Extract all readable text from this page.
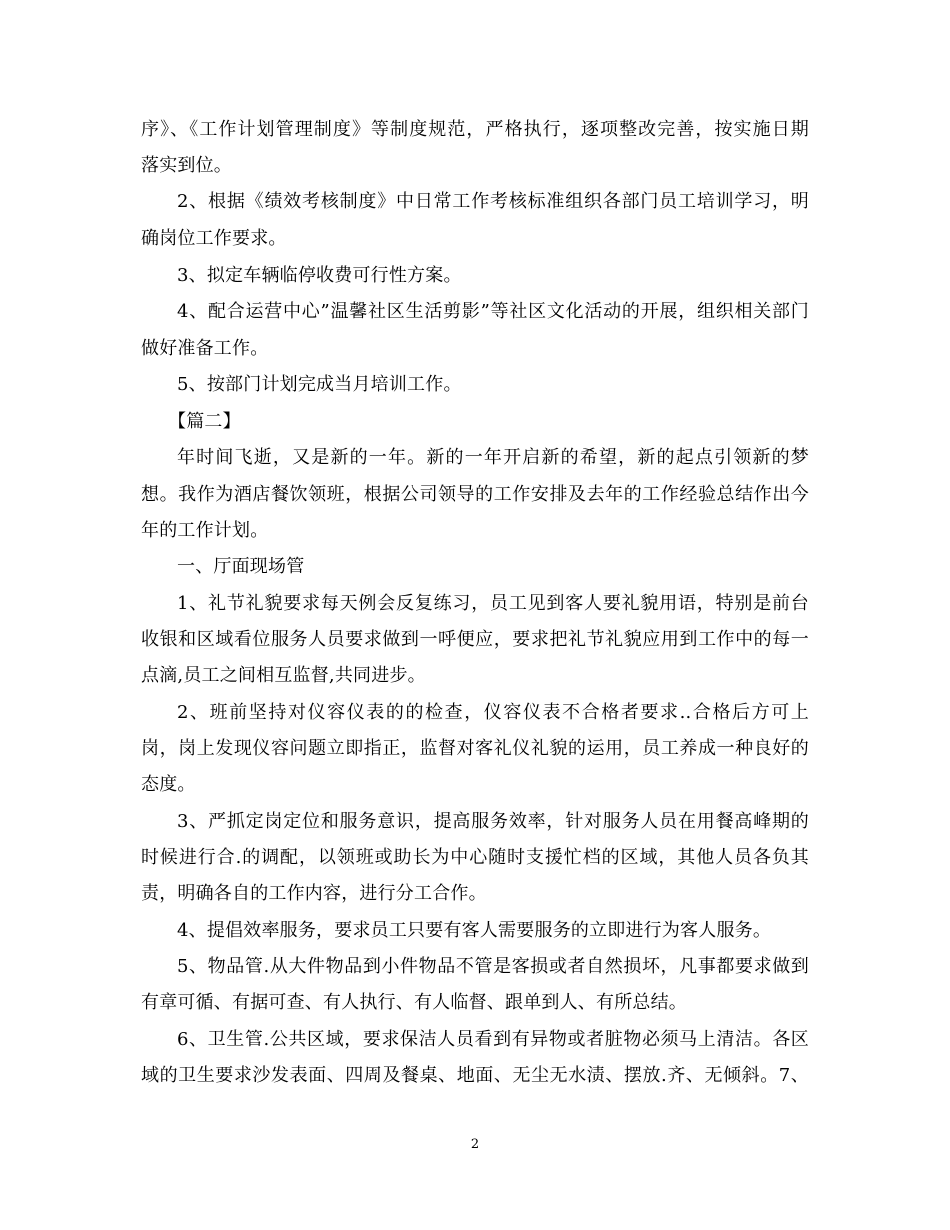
序》、《工作计划管理制度》等制度规范，严格执行，逐项整改完善，按实施日期
落实到位。
2、根据《绩效考核制度》中日常工作考核标准组织各部门员工培训学习，明
确岗位工作要求。
3、拟定车辆临停收费可行性方案。
4、配合运营中心”温馨社区生活剪影”等社区文化活动的开展，组织相关部门
做好准备工作。
5、按部门计划完成当月培训工作。
【篇二】
年时间飞逝，又是新的一年。新的一年开启新的希望，新的起点引领新的梦
想。我作为酒店餐饮领班，根据公司领导的工作安排及去年的工作经验总结作出今
年的工作计划。
一、厅面现场管
1、礼节礼貌要求每天例会反复练习，员工见到客人要礼貌用语，特别是前台
收银和区域看位服务人员要求做到一呼便应，要求把礼节礼貌应用到工作中的每一
点滴,员工之间相互监督,共同进步。
2、班前坚持对仪容仪表的的检查，仪容仪表不合格者要求..合格后方可上
岗，岗上发现仪容问题立即指正，监督对客礼仪礼貌的运用，员工养成一种良好的
态度。
3、严抓定岗定位和服务意识，提高服务效率，针对服务人员在用餐高峰期的
时候进行合.的调配，以领班或助长为中心随时支援忙档的区域，其他人员各负其
责，明确各自的工作内容，进行分工合作。
4、提倡效率服务，要求员工只要有客人需要服务的立即进行为客人服务。
5、物品管.从大件物品到小件物品不管是客损或者自然损坏，凡事都要求做到
有章可循、有据可查、有人执行、有人临督、跟单到人、有所总结。
6、卫生管.公共区域，要求保洁人员看到有异物或者脏物必须马上清洁。各区
域的卫生要求沙发表面、四周及餐桌、地面、无尘无水渍、摆放.齐、无倾斜。7、
2
